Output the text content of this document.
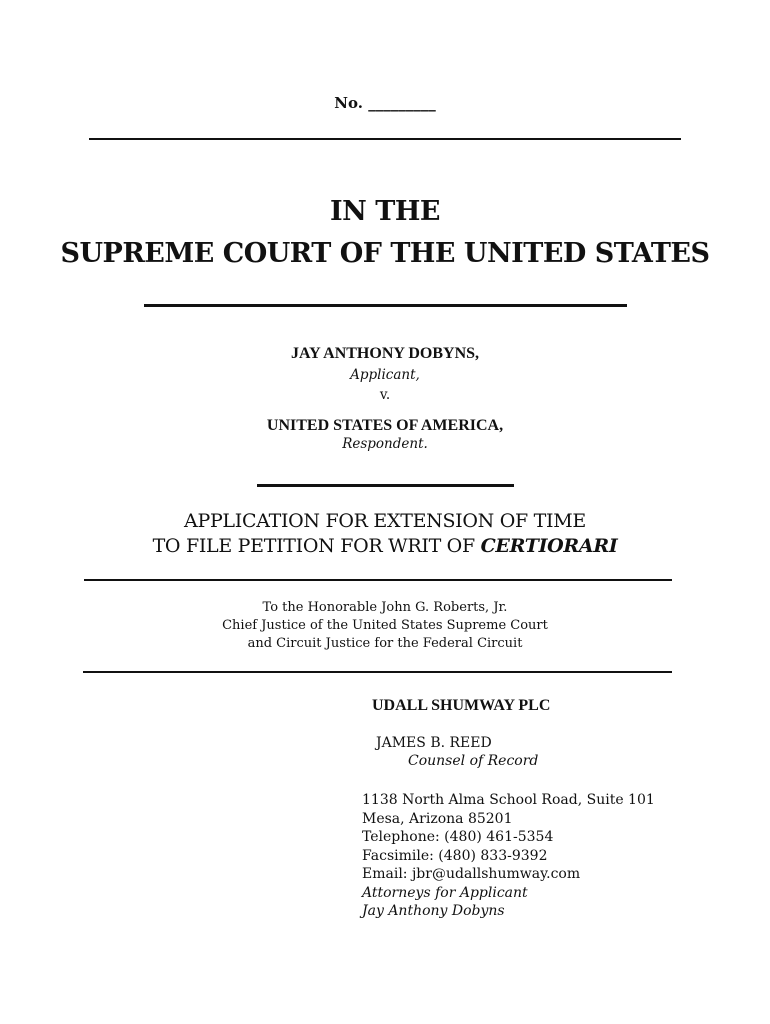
No. _________
IN THE
SUPREME COURT OF THE UNITED STATES
JAY ANTHONY DOBYNS,
Applicant,
v.
UNITED STATES OF AMERICA,
Respondent.
APPLICATION FOR EXTENSION OF TIME
TO FILE PETITION FOR WRIT OF CERTIORARI
To the Honorable John G. Roberts, Jr.
Chief Justice of the United States Supreme Court
and Circuit Justice for the Federal Circuit
UDALL SHUMWAY PLC
JAMES B. REED
Counsel of Record
1138 North Alma School Road, Suite 101
Mesa, Arizona 85201
Telephone: (480) 461-5354
Facsimile: (480) 833-9392
Email: jbr@udallshumway.com
Attorneys for Applicant
Jay Anthony Dobyns
